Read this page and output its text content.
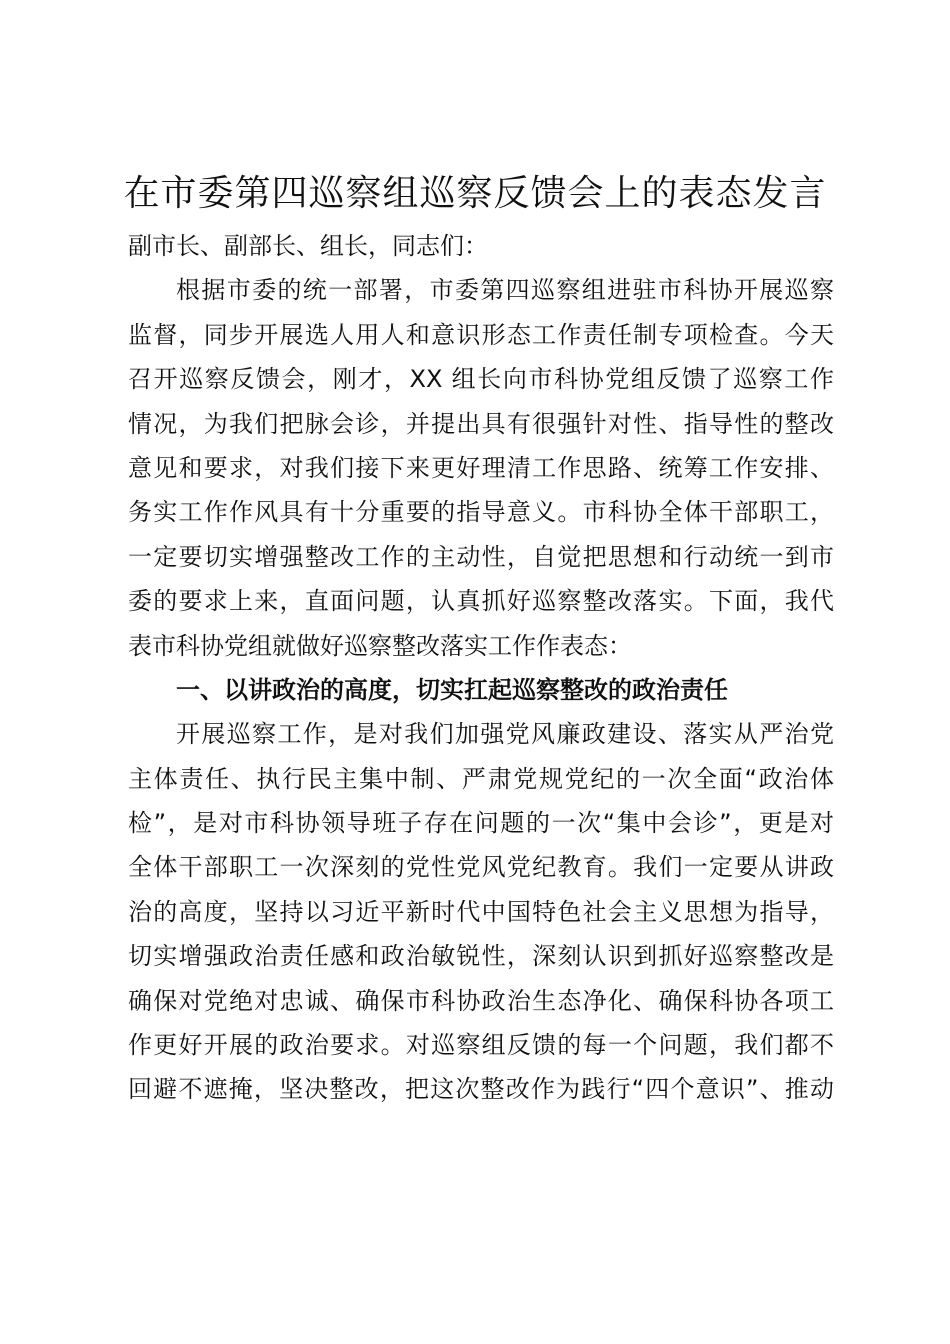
在市委第四巡察组巡察反馈会上的表态发言
副市长、副部长、组长，同志们：
根据市委的统一部署，市委第四巡察组进驻市科协开展巡察
监督，同步开展选人用人和意识形态工作责任制专项检查。今天
召开巡察反馈会，刚才，XX 组长向市科协党组反馈了巡察工作
情况，为我们把脉会诊，并提出具有很强针对性、指导性的整改
意见和要求，对我们接下来更好理清工作思路、统筹工作安排、
务实工作作风具有十分重要的指导意义。市科协全体干部职工，
一定要切实增强整改工作的主动性，自觉把思想和行动统一到市
委的要求上来，直面问题，认真抓好巡察整改落实。下面，我代
表市科协党组就做好巡察整改落实工作作表态：
一、以讲政治的高度，切实扛起巡察整改的政治责任
开展巡察工作，是对我们加强党风廉政建设、落实从严治党
主体责任、执行民主集中制、严肃党规党纪的一次全面“政治体
检”，是对市科协领导班子存在问题的一次“集中会诊”，更是对
全体干部职工一次深刻的党性党风党纪教育。我们一定要从讲政
治的高度，坚持以习近平新时代中国特色社会主义思想为指导，
切实增强政治责任感和政治敏锐性，深刻认识到抓好巡察整改是
确保对党绝对忠诚、确保市科协政治生态净化、确保科协各项工
作更好开展的政治要求。对巡察组反馈的每一个问题，我们都不
回避不遮掩，坚决整改，把这次整改作为践行“四个意识”、推动
